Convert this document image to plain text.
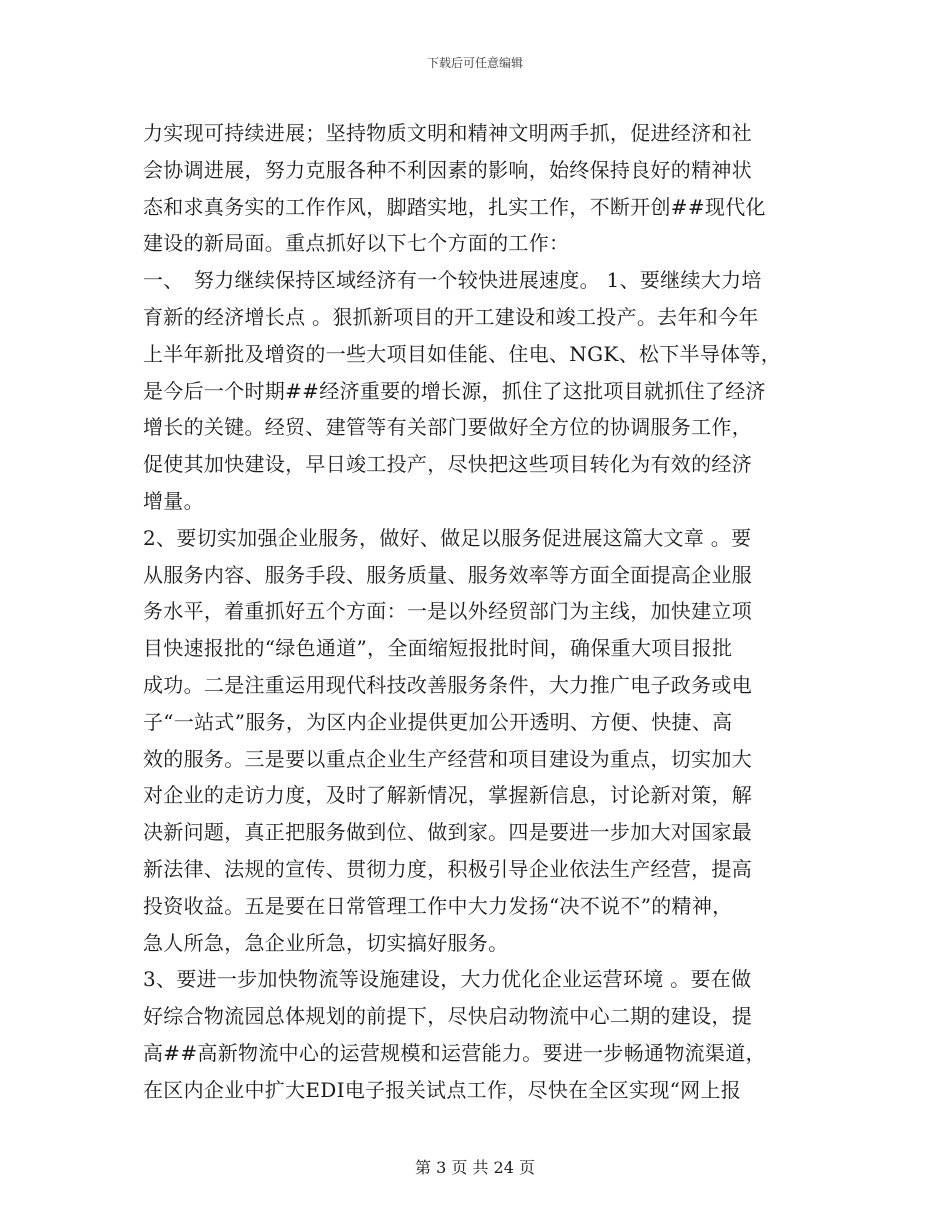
下载后可任意编辑
力实现可持续进展；坚持物质文明和精神文明两手抓，促进经济和社
会协调进展，努力克服各种不利因素的影响，始终保持良好的精神状
态和求真务实的工作作风，脚踏实地，扎实工作，不断开创##现代化
建设的新局面。重点抓好以下七个方面的工作：
一、　努力继续保持区域经济有一个较快进展速度。 1、要继续大力培
育新的经济增长点 。狠抓新项目的开工建设和竣工投产。去年和今年
上半年新批及增资的一些大项目如佳能、住电、NGK、松下半导体等，
是今后一个时期##经济重要的增长源，抓住了这批项目就抓住了经济
增长的关键。经贸、建管等有关部门要做好全方位的协调服务工作，
促使其加快建设，早日竣工投产，尽快把这些项目转化为有效的经济
增量。
2、要切实加强企业服务，做好、做足以服务促进展这篇大文章 。要
从服务内容、服务手段、服务质量、服务效率等方面全面提高企业服
务水平，着重抓好五个方面：一是以外经贸部门为主线，加快建立项
目快速报批的“绿色通道”，全面缩短报批时间，确保重大项目报批
成功。二是注重运用现代科技改善服务条件，大力推广电子政务或电
子“一站式”服务，为区内企业提供更加公开透明、方便、快捷、高
效的服务。三是要以重点企业生产经营和项目建设为重点，切实加大
对企业的走访力度，及时了解新情况，掌握新信息，讨论新对策，解
决新问题，真正把服务做到位、做到家。四是要进一步加大对国家最
新法律、法规的宣传、贯彻力度，积极引导企业依法生产经营，提高
投资收益。五是要在日常管理工作中大力发扬“决不说不”的精神，
急人所急，急企业所急，切实搞好服务。
3、要进一步加快物流等设施建设，大力优化企业运营环境 。要在做
好综合物流园总体规划的前提下，尽快启动物流中心二期的建设，提
高##高新物流中心的运营规模和运营能力。要进一步畅通物流渠道，
在区内企业中扩大EDI电子报关试点工作，尽快在全区实现“网上报
第 3 页 共 24 页
